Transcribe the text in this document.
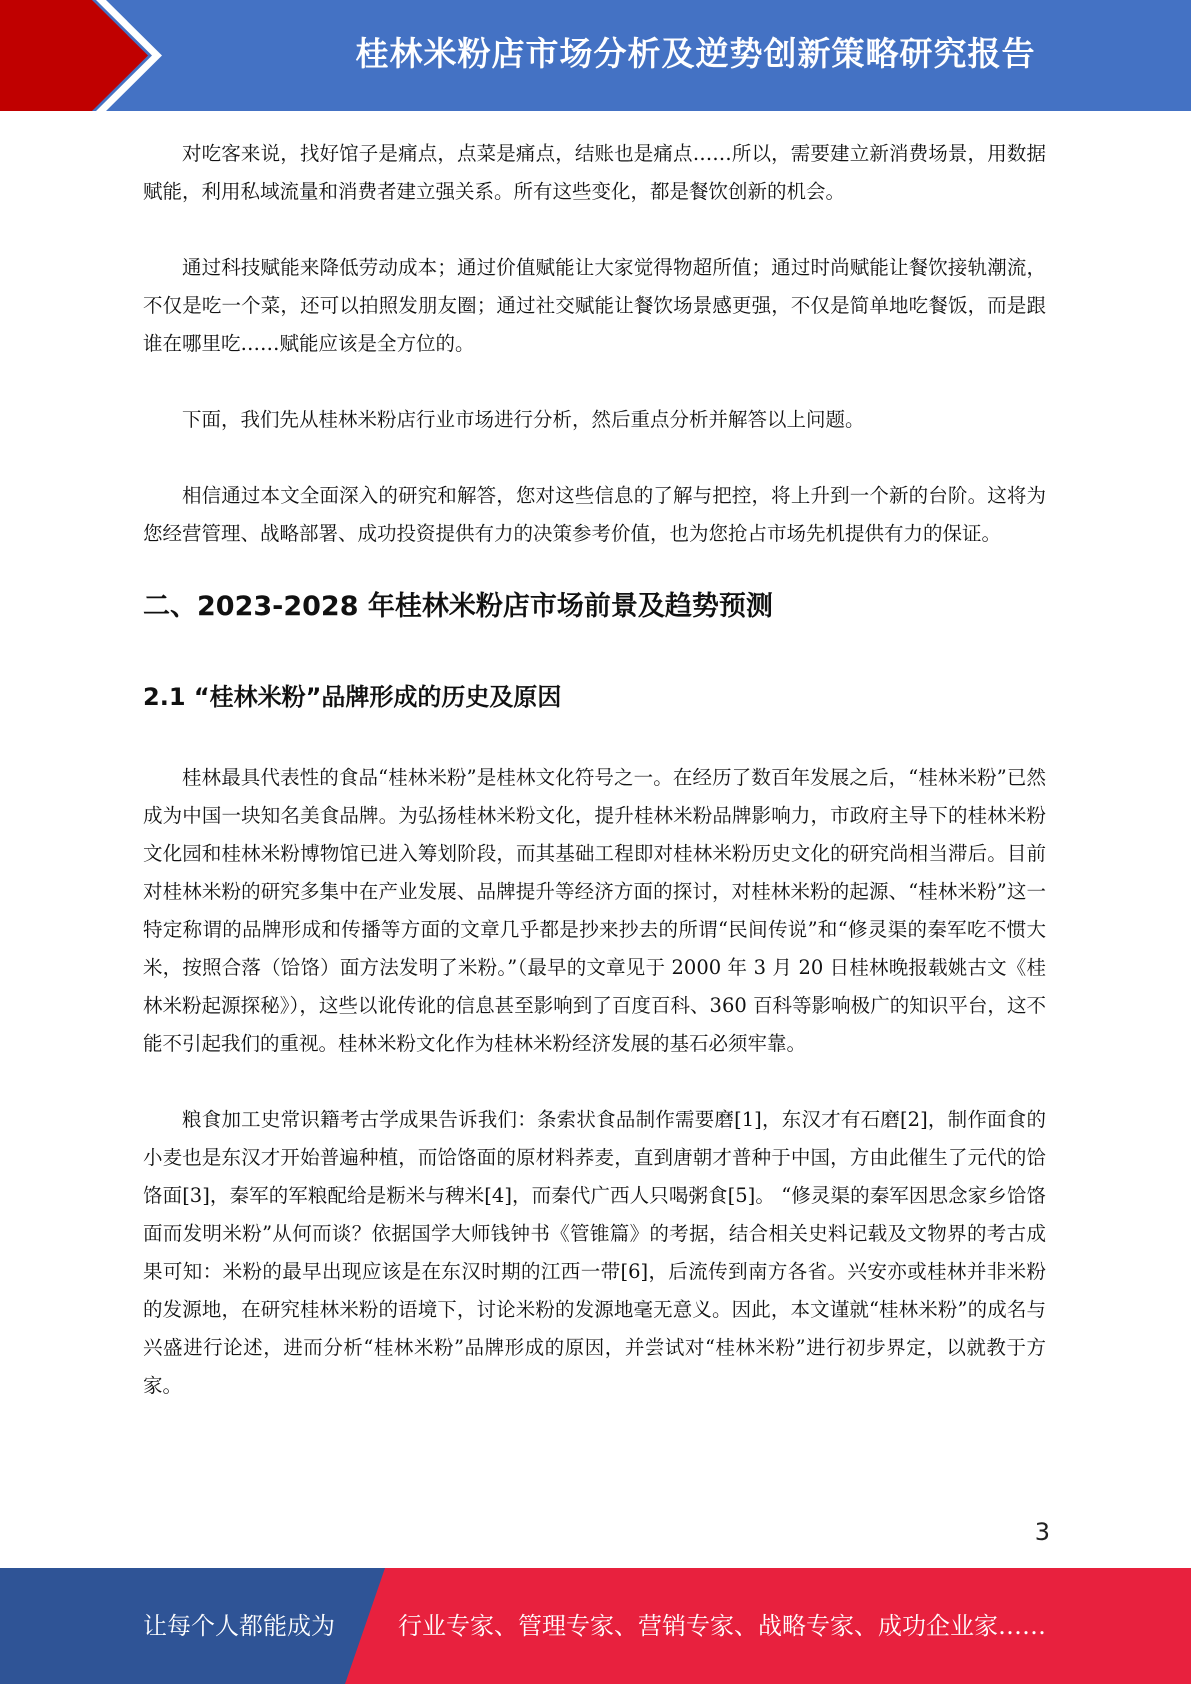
桂林米粉店市场分析及逆势创新策略研究报告

对吃客来说，找好馆子是痛点，点菜是痛点，结账也是痛点……所以，需要建立新消费场景，用数据赋能，利用私域流量和消费者建立强关系。所有这些变化，都是餐饮创新的机会。

通过科技赋能来降低劳动成本；通过价值赋能让大家觉得物超所值；通过时尚赋能让餐饮接轨潮流，不仅是吃一个菜，还可以拍照发朋友圈；通过社交赋能让餐饮场景感更强，不仅是简单地吃餐饭，而是跟谁在哪里吃……赋能应该是全方位的。

下面，我们先从桂林米粉店行业市场进行分析，然后重点分析并解答以上问题。

相信通过本文全面深入的研究和解答，您对这些信息的了解与把控，将上升到一个新的台阶。这将为您经营管理、战略部署、成功投资提供有力的决策参考价值，也为您抢占市场先机提供有力的保证。

二、2023-2028 年桂林米粉店市场前景及趋势预测
2.1 “桂林米粉”品牌形成的历史及原因

桂林最具代表性的食品“桂林米粉”是桂林文化符号之一。在经历了数百年发展之后，“桂林米粉”已然成为中国一块知名美食品牌。为弘扬桂林米粉文化，提升桂林米粉品牌影响力，市政府主导下的桂林米粉文化园和桂林米粉博物馆已进入筹划阶段，而其基础工程即对桂林米粉历史文化的研究尚相当滞后。目前对桂林米粉的研究多集中在产业发展、品牌提升等经济方面的探讨，对桂林米粉的起源、“桂林米粉”这一特定称谓的品牌形成和传播等方面的文章几乎都是抄来抄去的所谓“民间传说”和“修灵渠的秦军吃不惯大米，按照合落（饸饹）面方法发明了米粉。”（最早的文章见于 2000 年 3 月 20 日桂林晚报载姚古文《桂林米粉起源探秘》），这些以讹传讹的信息甚至影响到了百度百科、360 百科等影响极广的知识平台，这不能不引起我们的重视。桂林米粉文化作为桂林米粉经济发展的基石必须牢靠。

粮食加工史常识籍考古学成果告诉我们：条索状食品制作需要磨[1]，东汉才有石磨[2]，制作面食的小麦也是东汉才开始普遍种植，而饸饹面的原材料荞麦，直到唐朝才普种于中国，方由此催生了元代的饸饹面[3]，秦军的军粮配给是粝米与稗米[4]，而秦代广西人只喝粥食[5]。 “修灵渠的秦军因思念家乡饸饹面而发明米粉”从何而谈？依据国学大师钱钟书《管锥篇》的考据，结合相关史料记载及文物界的考古成果可知：米粉的最早出现应该是在东汉时期的江西一带[6]，后流传到南方各省。兴安亦或桂林并非米粉的发源地，在研究桂林米粉的语境下，讨论米粉的发源地毫无意义。因此，本文谨就“桂林米粉”的成名与兴盛进行论述，进而分析“桂林米粉”品牌形成的原因，并尝试对“桂林米粉”进行初步界定，以就教于方家。

3
让每个人都能成为	行业专家、管理专家、营销专家、战略专家、成功企业家……
